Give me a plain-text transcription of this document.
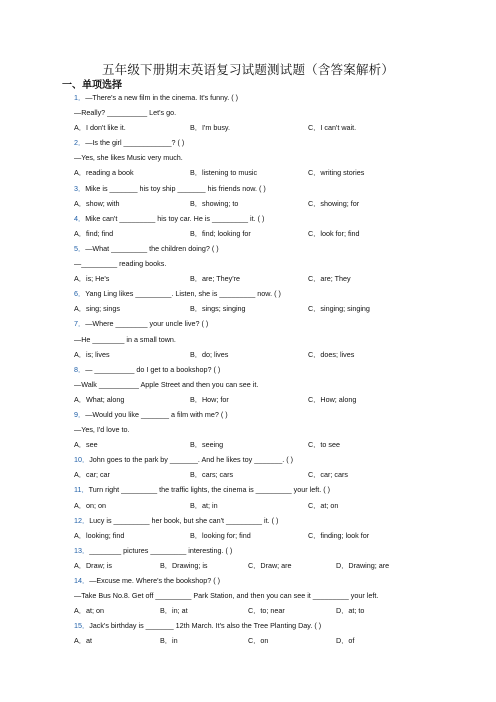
五年级下册期末英语复习试题测试题（含答案解析）
一、单项选择
1．—There's a new film in the cinema. It's funny. ( )
—Really? __________ Let's go.
A．I don't like it.	B．I'm busy.	C．I can't wait.
2．—Is the girl ____________? ( )
—Yes, she likes Music very much.
A．reading a book	B．listening to music	C．writing stories
3．Mike is _______ his toy ship _______ his friends now. ( )
A．show; with	B．showing; to	C．showing; for
4．Mike can't _________ his toy car. He is _________ it. ( )
A．find; find	B．find; looking for	C．look for; find
5．—What _________ the children doing? ( )
—_________ reading books.
A．is; He's	B．are; They're	C．are; They
6．Yang Ling likes _________. Listen, she is _________ now. ( )
A．sing; sings	B．sings; singing	C．singing; singing
7．—Where ________ your uncle live? ( )
—He ________ in a small town.
A．is; lives	B．do; lives	C．does; lives
8．— __________ do I get to a bookshop? ( )
—Walk __________ Apple Street and then you can see it.
A．What; along	B．How; for	C．How; along
9．—Would you like _______ a film with me? ( )
—Yes, I'd love to.
A．see	B．seeing	C．to see
10．John goes to the park by _______. And he likes toy _______. ( )
A．car; car	B．cars; cars	C．car; cars
11．Turn right _________ the traffic lights, the cinema is _________ your left. ( )
A．on; on	B．at; in	C．at; on
12．Lucy is _________ her book, but she can't _________ it. ( )
A．looking; find	B．looking for; find	C．finding; look for
13．________ pictures _________ interesting. ( )
A．Draw; is	B．Drawing; is	C．Draw; are	D．Drawing; are
14．—Excuse me. Where's the bookshop? ( )
—Take Bus No.8. Get off _________ Park Station, and then you can see it _________ your left.
A．at; on	B．in; at	C．to; near	D．at; to
15．Jack's birthday is _______ 12th March. It's also the Tree Planting Day. ( )
A．at	B．in	C．on	D．of
